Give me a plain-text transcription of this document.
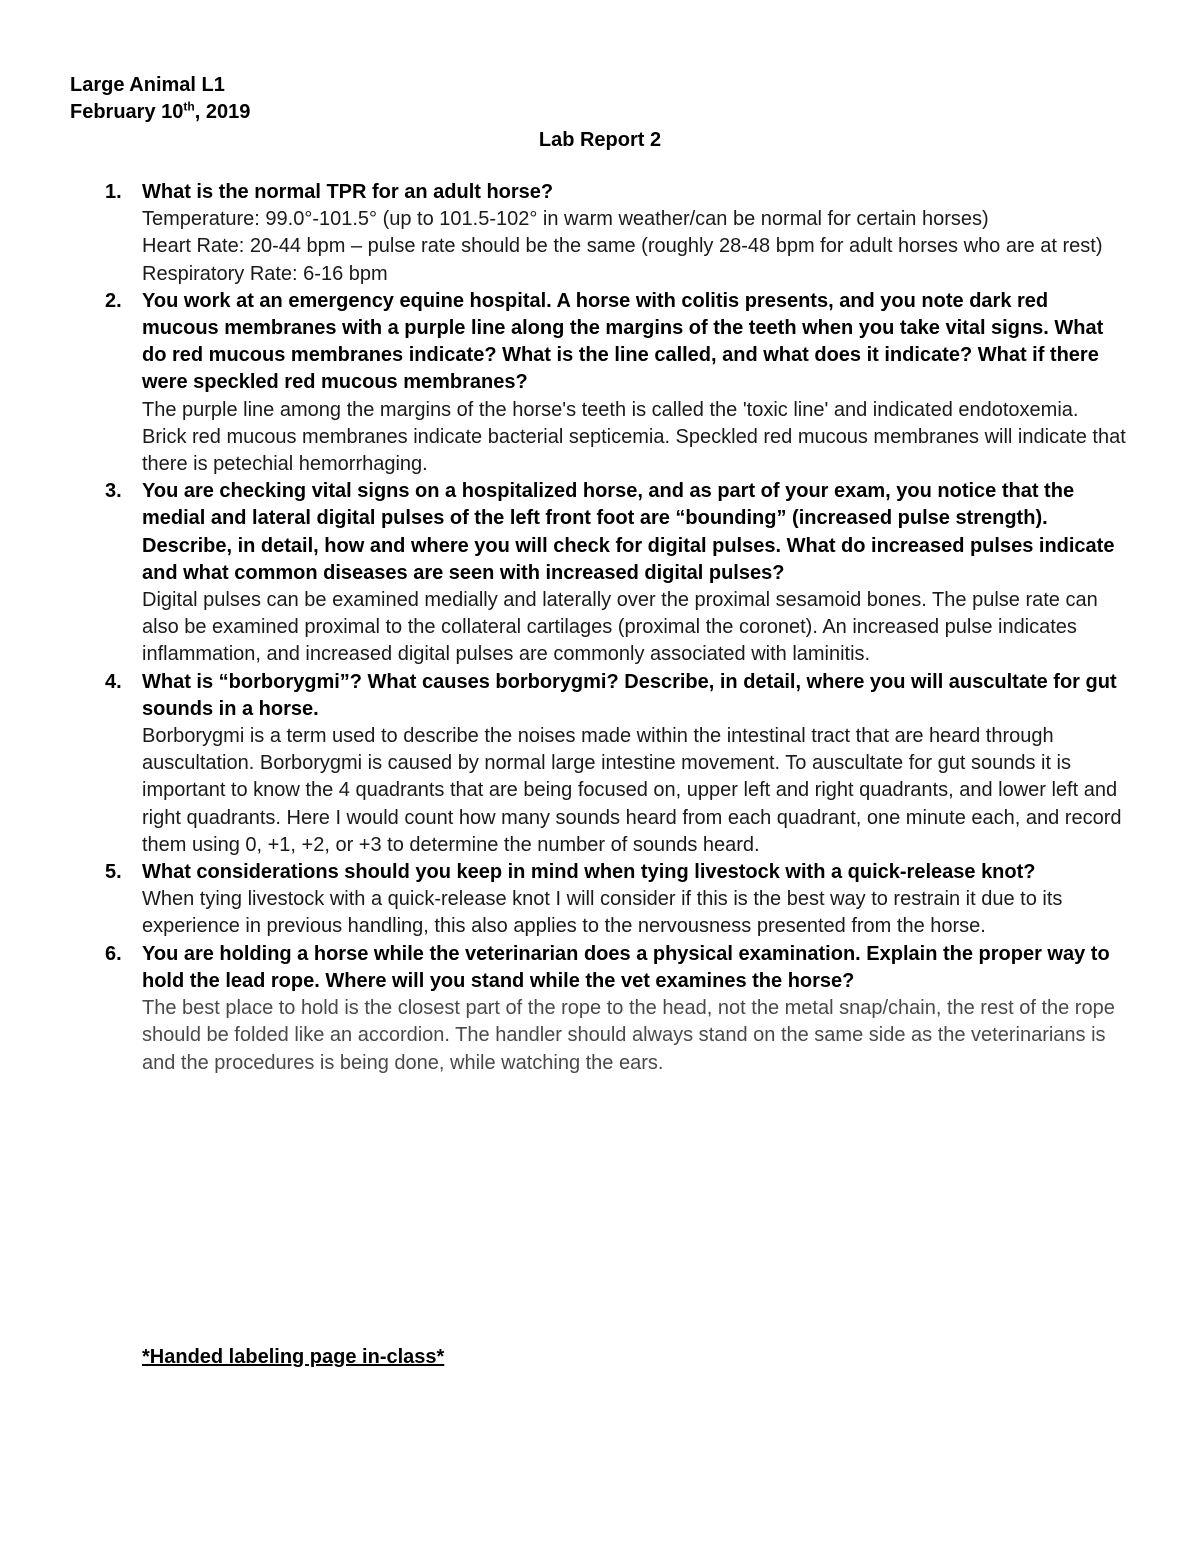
Large Animal L1

February 10th, 2019

Lab Report 2
1. What is the normal TPR for an adult horse?
Temperature: 99.0°-101.5° (up to 101.5-102° in warm weather/can be normal for certain horses)
Heart Rate: 20-44 bpm – pulse rate should be the same (roughly 28-48 bpm for adult horses who are at rest)
Respiratory Rate: 6-16 bpm
2. You work at an emergency equine hospital. A horse with colitis presents, and you note dark red mucous membranes with a purple line along the margins of the teeth when you take vital signs. What do red mucous membranes indicate? What is the line called, and what does it indicate? What if there were speckled red mucous membranes?
The purple line among the margins of the horse's teeth is called the 'toxic line' and indicated endotoxemia. Brick red mucous membranes indicate bacterial septicemia. Speckled red mucous membranes will indicate that there is petechial hemorrhaging.
3. You are checking vital signs on a hospitalized horse, and as part of your exam, you notice that the medial and lateral digital pulses of the left front foot are “bounding” (increased pulse strength). Describe, in detail, how and where you will check for digital pulses. What do increased pulses indicate and what common diseases are seen with increased digital pulses?
Digital pulses can be examined medially and laterally over the proximal sesamoid bones. The pulse rate can also be examined proximal to the collateral cartilages (proximal the coronet). An increased pulse indicates inflammation, and increased digital pulses are commonly associated with laminitis.
4. What is “borborygmi”? What causes borborygmi? Describe, in detail, where you will auscultate for gut sounds in a horse.
Borborygmi is a term used to describe the noises made within the intestinal tract that are heard through auscultation. Borborygmi is caused by normal large intestine movement. To auscultate for gut sounds it is important to know the 4 quadrants that are being focused on, upper left and right quadrants, and lower left and right quadrants. Here I would count how many sounds heard from each quadrant, one minute each, and record them using 0, +1, +2, or +3 to determine the number of sounds heard.
5. What considerations should you keep in mind when tying livestock with a quick-release knot?
When tying livestock with a quick-release knot I will consider if this is the best way to restrain it due to its experience in previous handling, this also applies to the nervousness presented from the horse.
6. You are holding a horse while the veterinarian does a physical examination. Explain the proper way to hold the lead rope. Where will you stand while the vet examines the horse?
The best place to hold is the closest part of the rope to the head, not the metal snap/chain, the rest of the rope should be folded like an accordion. The handler should always stand on the same side as the veterinarians is and the procedures is being done, while watching the ears.

*Handed labeling page in-class*
